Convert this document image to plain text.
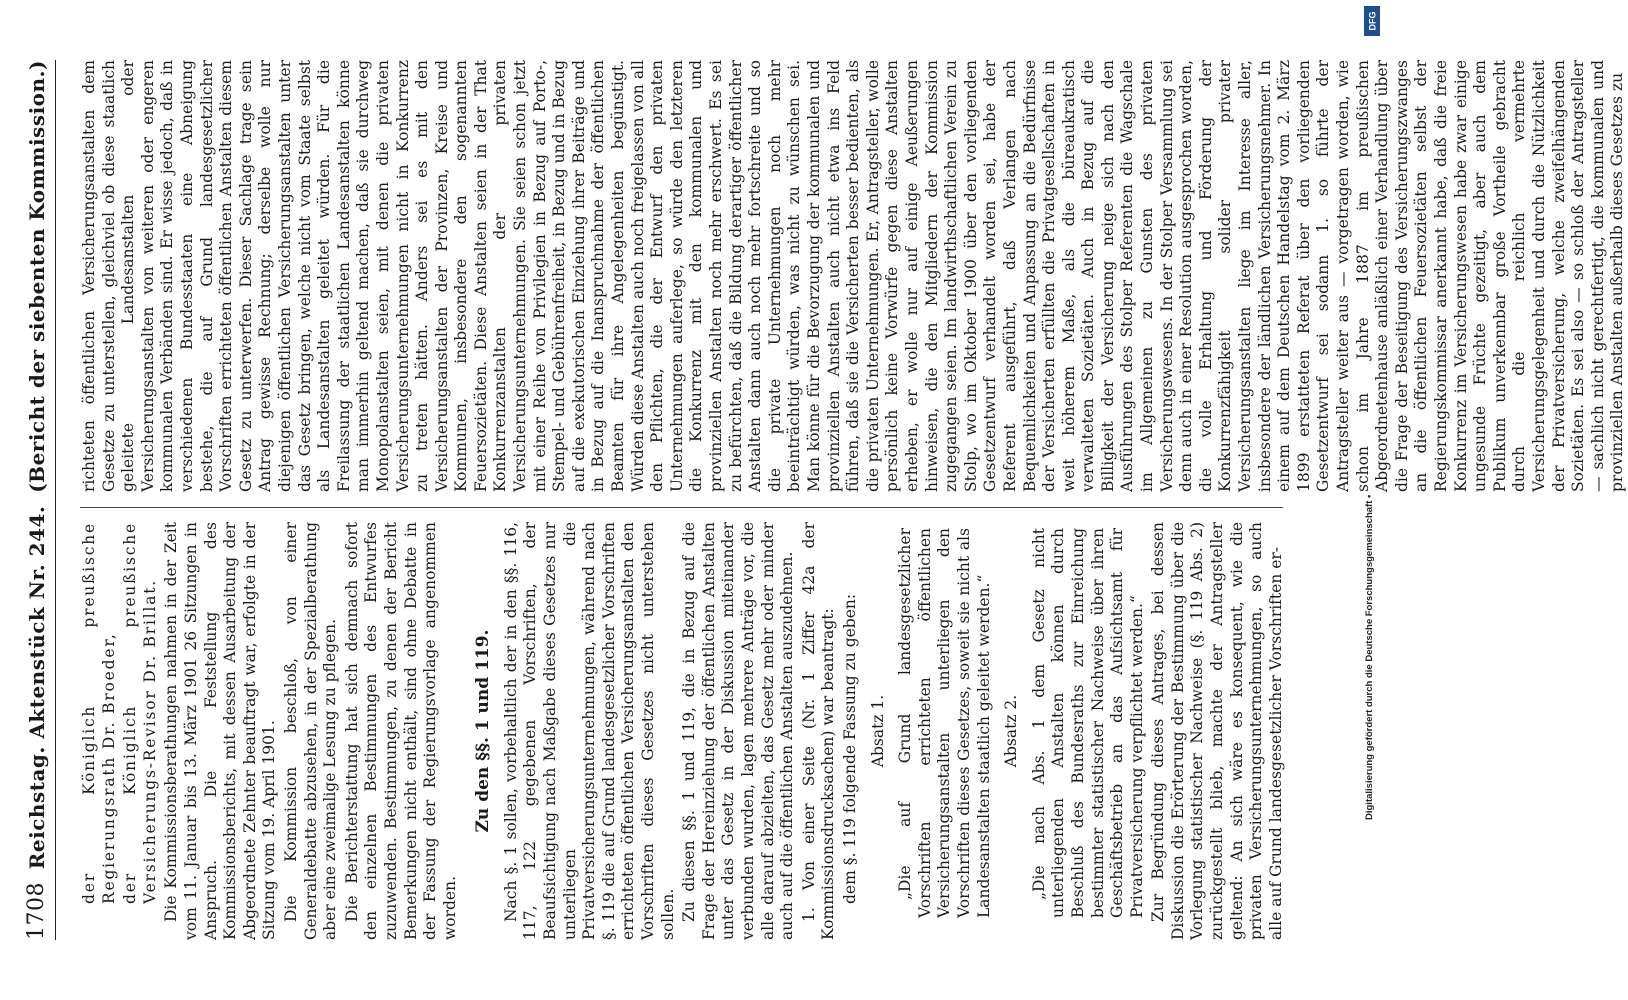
1708
Reichstag. Aktenstück Nr. 244.
(Bericht der siebenten Kommission.)

der Königlich preußische Regierungsrath Dr. Broeder, der Königlich preußische Versicherungs-Revisor Dr. Brillat. Die Kommissionsberathungen nahmen in der Zeit vom 11. Januar bis 13. März 1901 26 Sitzungen in Anspruch. Die Feststellung des Kommissionsberichts, mit dessen Ausarbeitung der Abgeordnete Zehnter beauftragt war, erfolgte in der Sitzung vom 19. April 1901. Die Kommission beschloß, von einer Generaldebatte abzusehen, in der Spezialberathung aber eine zweimalige Lesung zu pflegen. Die Berichterstattung hat sich demnach sofort den einzelnen Bestimmungen des Entwurfes zuzuwenden. Bestimmungen, zu denen der Bericht Bemerkungen nicht enthält, sind ohne Debatte in der Fassung der Regierungsvorlage angenommen worden.

Zu den §§. 1 und 119. Nach §. 1 sollen, vorbehaltlich der in den §§. 116, 117, 122 gegebenen Vorschriften, der Beaufsichtigung nach Maßgabe dieses Gesetzes nur unterliegen die Privatversicherungsunternehmungen, während nach §. 119 die auf Grund landesgesetzlicher Vorschriften errichteten öffentlichen Versicherungsanstalten den Vorschriften dieses Gesetzes nicht unterstehen sollen. Zu diesen §§. 1 und 119, die in Bezug auf die Frage der Hereinziehung der öffentlichen Anstalten unter das Gesetz in der Diskussion miteinander verbunden wurden, lagen mehrere Anträge vor, die alle darauf abzielten, das Gesetz mehr oder minder auch auf die öffentlichen Anstalten auszudehnen. 1. Von einer Seite (Nr. 1 Ziffer 42a der Kommissionsdrucksachen) war beantragt: dem §. 119 folgende Fassung zu geben: Absatz 1. „Die auf Grund landesgesetzlicher Vorschriften errichteten öffentlichen Versicherungsanstalten unterliegen den Vorschriften dieses Gesetzes, soweit sie nicht als Landesanstalten staatlich geleitet werden.“ Absatz 2. „Die nach Abs. 1 dem Gesetz nicht unterliegenden Anstalten können durch Beschluß des Bundesraths zur Einreichung bestimmter statistischer Nachweise über ihren Geschäftsbetrieb an das Aufsichtsamt für Privatversicherung verpflichtet werden.“ Zur Begründung dieses Antrages, bei dessen Diskussion die Erörterung der Bestimmung über die Vorlegung statistischer Nachweise (§. 119 Abs. 2) zurückgestellt blieb, machte der Antragsteller geltend: An sich wäre es konsequent, wie die privaten Versicherungsunternehmungen, so auch alle auf Grund landesgesetzlicher Vorschriften er-

richteten öffentlichen Versicherungsanstalten dem Gesetze zu unterstellen, gleichviel ob diese staatlich geleitete Landesanstalten oder Versicherungsanstalten von weiteren oder engeren kommunalen Verbänden sind. Er wisse jedoch, daß in verschiedenen Bundesstaaten eine Abneigung bestehe, die auf Grund landesgesetzlicher Vorschriften errichteten öffentlichen Anstalten diesem Gesetz zu unterwerfen. Dieser Sachlage trage sein Antrag gewisse Rechnung; derselbe wolle nur diejenigen öffentlichen Versicherungsanstalten unter das Gesetz bringen, welche nicht vom Staate selbst als Landesanstalten geleitet würden. Für die Freilassung der staatlichen Landesanstalten könne man immerhin geltend machen, daß sie durchweg Monopolanstalten seien, mit denen die privaten Versicherungsunternehmungen nicht in Konkurrenz zu treten hätten. Anders sei es mit den Versicherungsanstalten der Provinzen, Kreise und Kommunen, insbesondere den sogenannten Feuersozietäten. Diese Anstalten seien in der That Konkurrenzanstalten der privaten Versicherungsunternehmungen. Sie seien schon jetzt mit einer Reihe von Privilegien in Bezug auf Porto-, Stempel- und Gebührenfreiheit, in Bezug und in Bezug auf die exekutorischen Einziehung ihrer Beiträge und in Bezug auf die Inanspruchnahme der öffentlichen Beamten für ihre Angelegenheiten begünstigt. Würden diese Anstalten auch noch freigelassen von all den Pflichten, die der Entwurf den privaten Unternehmungen auferlege, so würde den letzteren die Konkurrenz mit den kommunalen und provinziellen Anstalten noch mehr erschwert. Es sei zu befürchten, daß die Bildung derartiger öffentlicher Anstalten dann auch noch mehr fortschreite und so die private Unternehmungen noch mehr beeinträchtigt würden, was nicht zu wünschen sei. Man könne für die Bevorzugung der kommunalen und provinziellen Anstalten auch nicht etwa ins Feld führen, daß sie die Versicherten besser bedienten, als die privaten Unternehmungen. Er, Antragsteller, wolle persönlich keine Vorwürfe gegen diese Anstalten erheben, er wolle nur auf einige Aeußerungen hinweisen, die den Mitgliedern der Kommission zugegangen seien. Im landwirthschaftlichen Verein zu Stolp, wo im Oktober 1900 über den vorliegenden Gesetzentwurf verhandelt worden sei, habe der Referent ausgeführt, daß Verlangen nach Bequemlichkeiten und Anpassung an die Bedürfnisse der Versicherten erfüllten die Privatgesellschaften in weit höherem Maße, als die büreaukratisch verwalteten Sozietäten. Auch in Bezug auf die Billigkeit der Versicherung neige sich nach den Ausführungen des Stolper Referenten die Wagschale im Allgemeinen zu Gunsten des privaten Versicherungswesens. In der Stolper Versammlung sei denn auch in einer Resolution ausgesprochen worden, die volle Erhaltung und Förderung der Konkurrenzfähigkeit solider privater Versicherungsanstalten liege im Interesse aller, insbesondere der ländlichen Versicherungsnehmer. In einem auf dem Deutschen Handelstag vom 2. März 1899 erstatteten Referat über den vorliegenden Gesetzentwurf sei sodann 1. so führte der Antragsteller weiter aus — vorgetragen worden, wie schon im Jahre 1887 im preußischen Abgeordnetenhause anläßlich einer Verhandlung über die Frage der Beseitigung des Versicherungszwanges an die öffentlichen Feuersozietäten selbst der Regierungskommissar anerkannt habe, daß die freie Konkurrenz im Versicherungswesen habe zwar einige ungesunde Früchte gezeitigt, aber auch dem Publikum unverkennbar große Vortheile gebracht durch die reichlich vermehrte Versicherungsgelegenheit und durch die Nützlichkeit der Privatversicherung, welche zweifelhängenden Sozietäten. Es sei also — so schloß der Antragsteller — sachlich nicht gerechtfertigt, die kommunalen und provinziellen Anstalten außerhalb dieses Gesetzes zu

DFG
Digitalisierung gefördert durch die Deutsche Forschungsgemeinschaft •
